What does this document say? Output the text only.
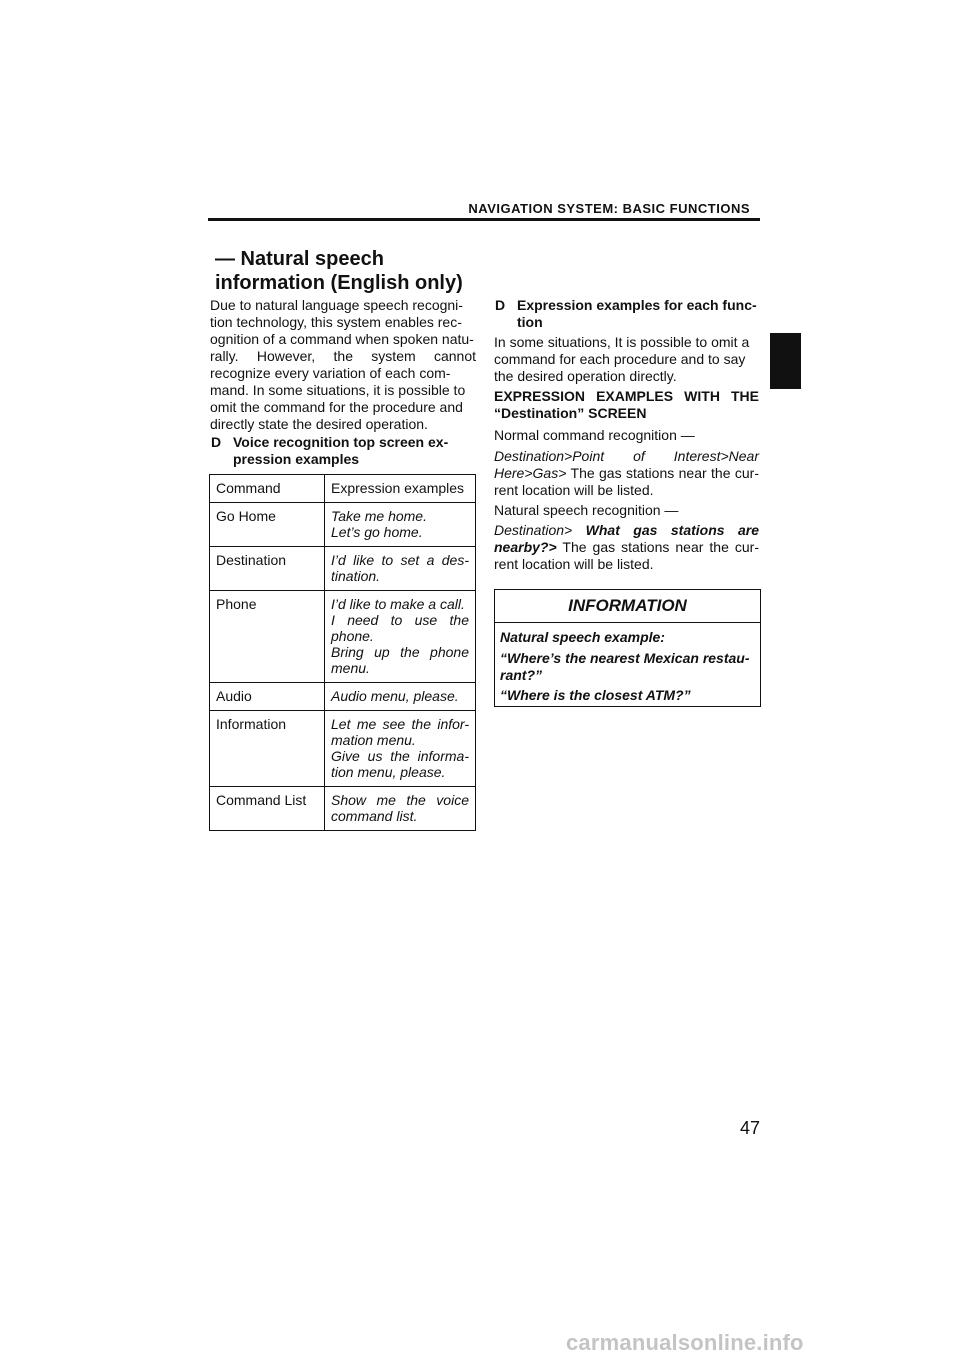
NAVIGATION SYSTEM: BASIC FUNCTIONS
— Natural speech
information (English only)
Due to natural language speech recogni-
tion technology, this system enables rec-
ognition of a command when spoken natu-
rally. However, the system cannot
recognize every variation of each com-
mand. In some situations, it is possible to
omit the command for the procedure and
directly state the desired operation.
D Voice recognition top screen ex-
pression examples
Command	Expression examples
Go Home	Take me home.
Let’s go home.

Destination	I’d like to set a des-
tination.

Phone	I’d like to make a call.
I need to use the
phone.
Bring up the phone
menu.

Audio	Audio menu, please.

Information	Let me see the infor-
mation menu.
Give us the informa-
tion menu, please.

Command List	Show me the voice
command list.
D Expression examples for each func-
tion
In some situations, It is possible to omit a
command for each procedure and to say
the desired operation directly.
EXPRESSION EXAMPLES WITH THE
“Destination” SCREEN
Normal command recognition —
Destination>Point of Interest>Near
Here>Gas> The gas stations near the cur-
rent location will be listed.
Natural speech recognition —
Destination> What gas stations are
nearby?> The gas stations near the cur-
rent location will be listed.
INFORMATION
Natural speech example:
“Where’s the nearest Mexican restau-
rant?”
“Where is the closest ATM?”
47
carmanualsonline.info
